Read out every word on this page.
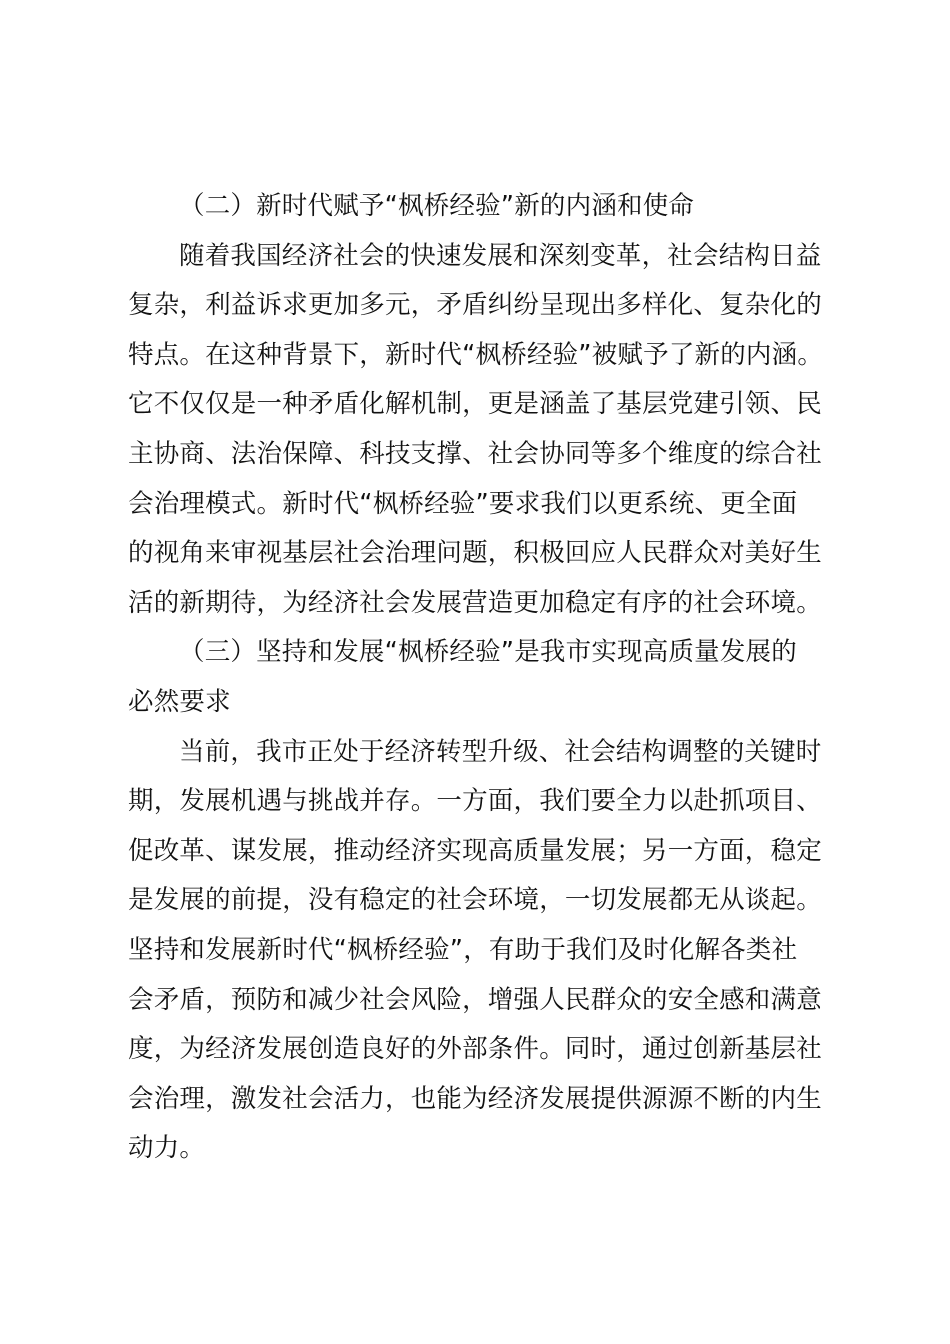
（二）新时代赋予“枫桥经验”新的内涵和使命

随着我国经济社会的快速发展和深刻变革，社会结构日益
复杂，利益诉求更加多元，矛盾纠纷呈现出多样化、复杂化的
特点。在这种背景下，新时代“枫桥经验”被赋予了新的内涵。
它不仅仅是一种矛盾化解机制，更是涵盖了基层党建引领、民
主协商、法治保障、科技支撑、社会协同等多个维度的综合社
会治理模式。新时代“枫桥经验”要求我们以更系统、更全面
的视角来审视基层社会治理问题，积极回应人民群众对美好生
活的新期待，为经济社会发展营造更加稳定有序的社会环境。

（三）坚持和发展“枫桥经验”是我市实现高质量发展的
必然要求

当前，我市正处于经济转型升级、社会结构调整的关键时
期，发展机遇与挑战并存。一方面，我们要全力以赴抓项目、
促改革、谋发展，推动经济实现高质量发展；另一方面，稳定
是发展的前提，没有稳定的社会环境，一切发展都无从谈起。
坚持和发展新时代“枫桥经验”，有助于我们及时化解各类社
会矛盾，预防和减少社会风险，增强人民群众的安全感和满意
度，为经济发展创造良好的外部条件。同时，通过创新基层社
会治理，激发社会活力，也能为经济发展提供源源不断的内生
动力。
